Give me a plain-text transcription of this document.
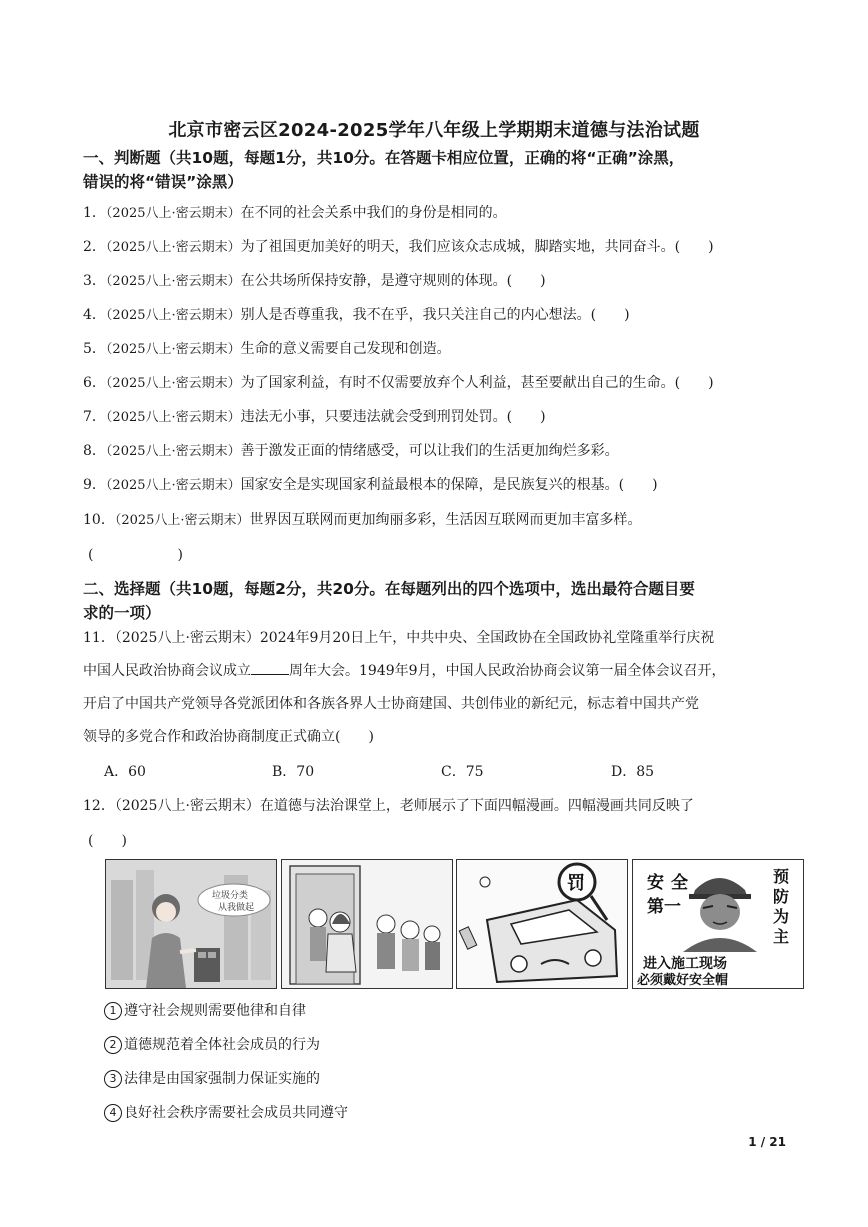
北京市密云区2024-2025学年八年级上学期期末道德与法治试题
一、判断题（共10题，每题1分，共10分。在答题卡相应位置，正确的将“正确”涂黑，
错误的将“错误”涂黑）
1．（2025八上·密云期末）在不同的社会关系中我们的身份是相同的。
2．（2025八上·密云期末）为了祖国更加美好的明天，我们应该众志成城，脚踏实地，共同奋斗。(　　)
3．（2025八上·密云期末）在公共场所保持安静，是遵守规则的体现。(　　)
4．（2025八上·密云期末）别人是否尊重我，我不在乎，我只关注自己的内心想法。(　　)
5．（2025八上·密云期末）生命的意义需要自己发现和创造。
6．（2025八上·密云期末）为了国家利益，有时不仅需要放弃个人利益，甚至要献出自己的生命。(　　)
7．（2025八上·密云期末）违法无小事，只要违法就会受到刑罚处罚。(　　)
8．（2025八上·密云期末）善于激发正面的情绪感受，可以让我们的生活更加绚烂多彩。
9．（2025八上·密云期末）国家安全是实现国家利益最根本的保障，是民族复兴的根基。(　　)
10．（2025八上·密云期末）世界因互联网而更加绚丽多彩，生活因互联网而更加丰富多样。
(　　　　　　)
二、选择题（共10题，每题2分，共20分。在每题列出的四个选项中，选出最符合题目要
求的一项）
11．（2025八上·密云期末）2024年9月20日上午，中共中央、全国政协在全国政协礼堂隆重举行庆祝
中国人民政治协商会议成立	周年大会。1949年9月，中国人民政治协商会议第一届全体会议召开，
开启了中国共产党领导各党派团体和各族各界人士协商建国、共创伟业的新纪元，标志着中国共产党
领导的多党合作和政治协商制度正式确立(　　)
A．60	B．70	C．75	D．85
12．（2025八上·密云期末）在道德与法治课堂上，老师展示了下面四幅漫画。四幅漫画共同反映了
(　　)
垃圾分类
从我做起
罚	安 全
第一
预
防
为
主
进入施工现场
必须戴好安全帽
1 遵守社会规则需要他律和自律
2 道德规范着全体社会成员的行为
3 法律是由国家强制力保证实施的
4 良好社会秩序需要社会成员共同遵守
1 / 21
